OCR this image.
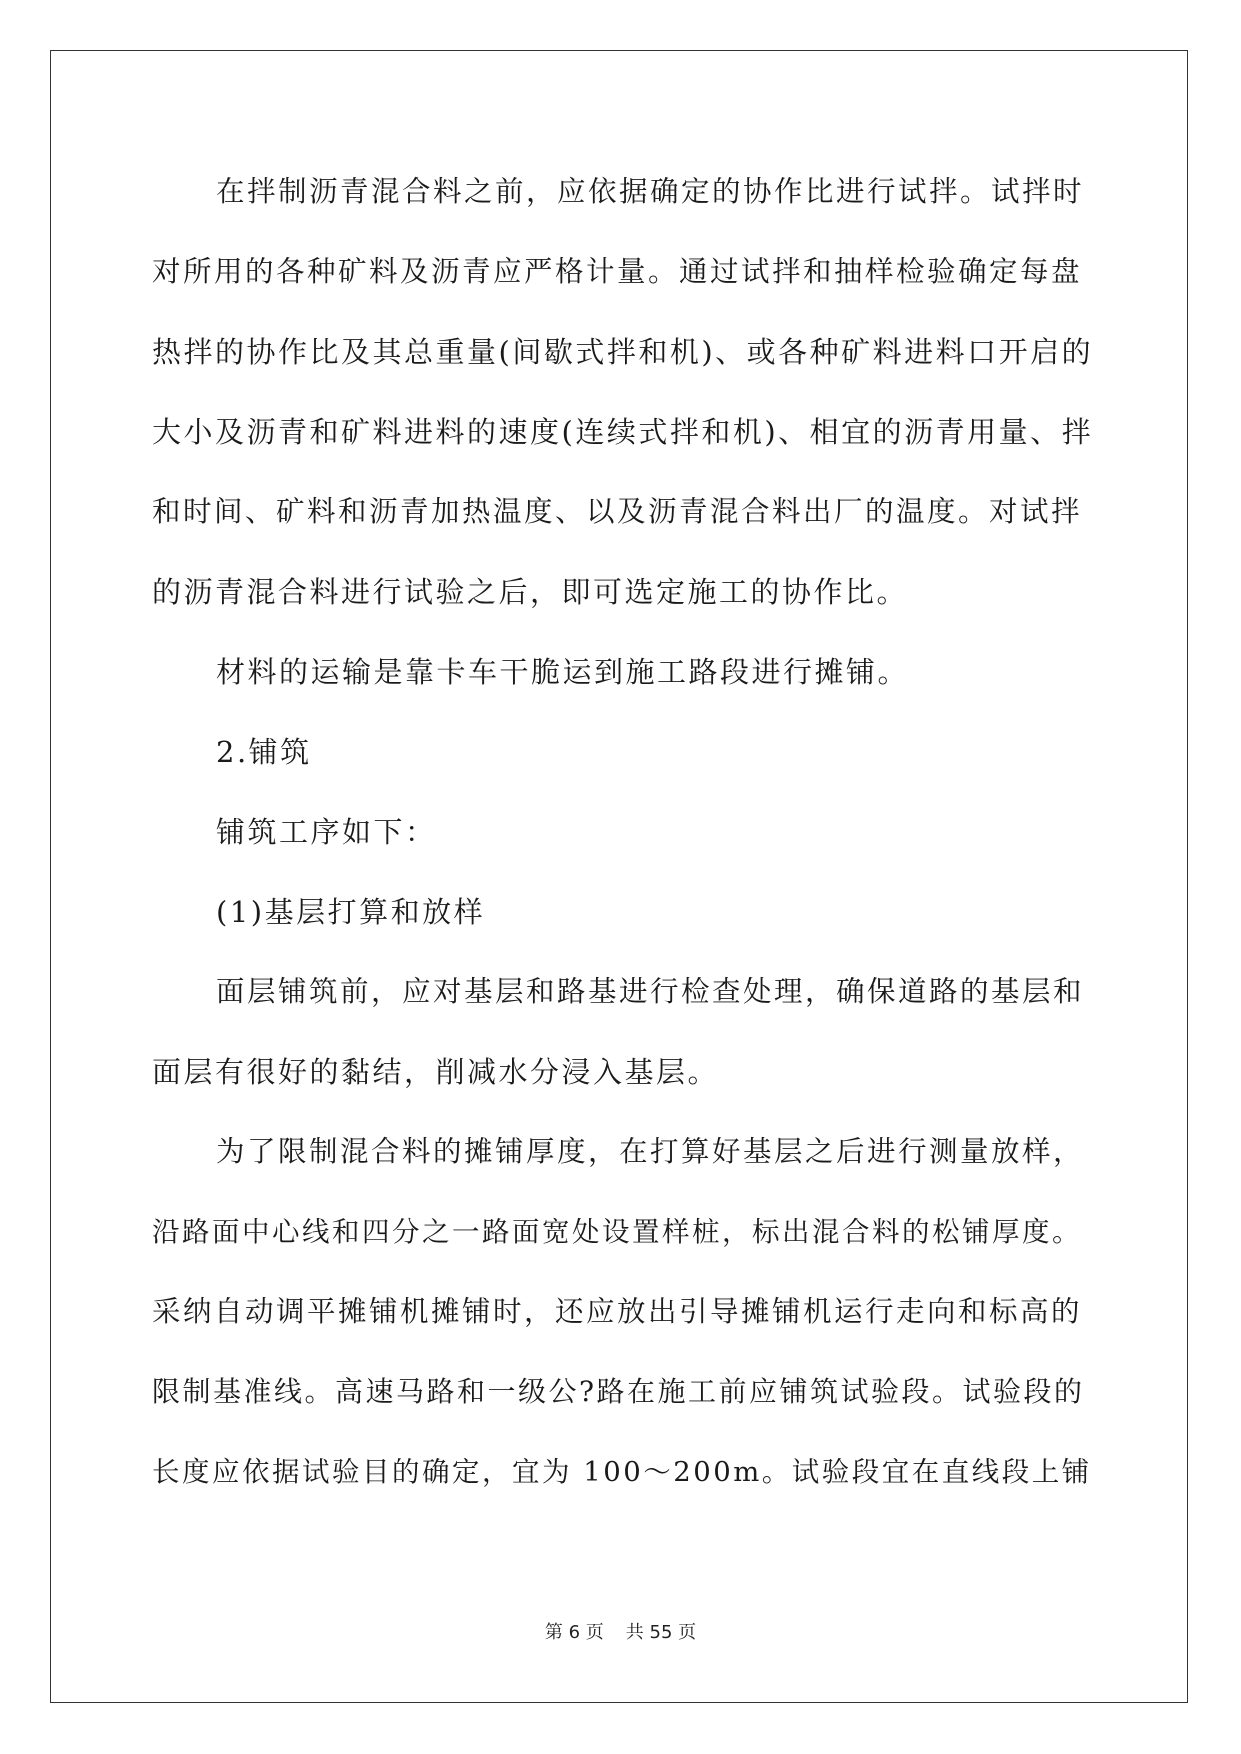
在拌制沥青混合料之前，应依据确定的协作比进行试拌。试拌时
对所用的各种矿料及沥青应严格计量。通过试拌和抽样检验确定每盘
热拌的协作比及其总重量(间歇式拌和机)、或各种矿料进料口开启的
大小及沥青和矿料进料的速度(连续式拌和机)、相宜的沥青用量、拌
和时间、矿料和沥青加热温度、以及沥青混合料出厂的温度。对试拌
的沥青混合料进行试验之后，即可选定施工的协作比。
材料的运输是靠卡车干脆运到施工路段进行摊铺。
2.铺筑
铺筑工序如下：
(1)基层打算和放样
面层铺筑前，应对基层和路基进行检查处理，确保道路的基层和
面层有很好的黏结，削减水分浸入基层。
为了限制混合料的摊铺厚度，在打算好基层之后进行测量放样，
沿路面中心线和四分之一路面宽处设置样桩，标出混合料的松铺厚度。
采纳自动调平摊铺机摊铺时，还应放出引导摊铺机运行走向和标高的
限制基准线。高速马路和一级公?路在施工前应铺筑试验段。试验段的
长度应依据试验目的确定，宜为 100～200m。试验段宜在直线段上铺
第 6 页 共 55 页
